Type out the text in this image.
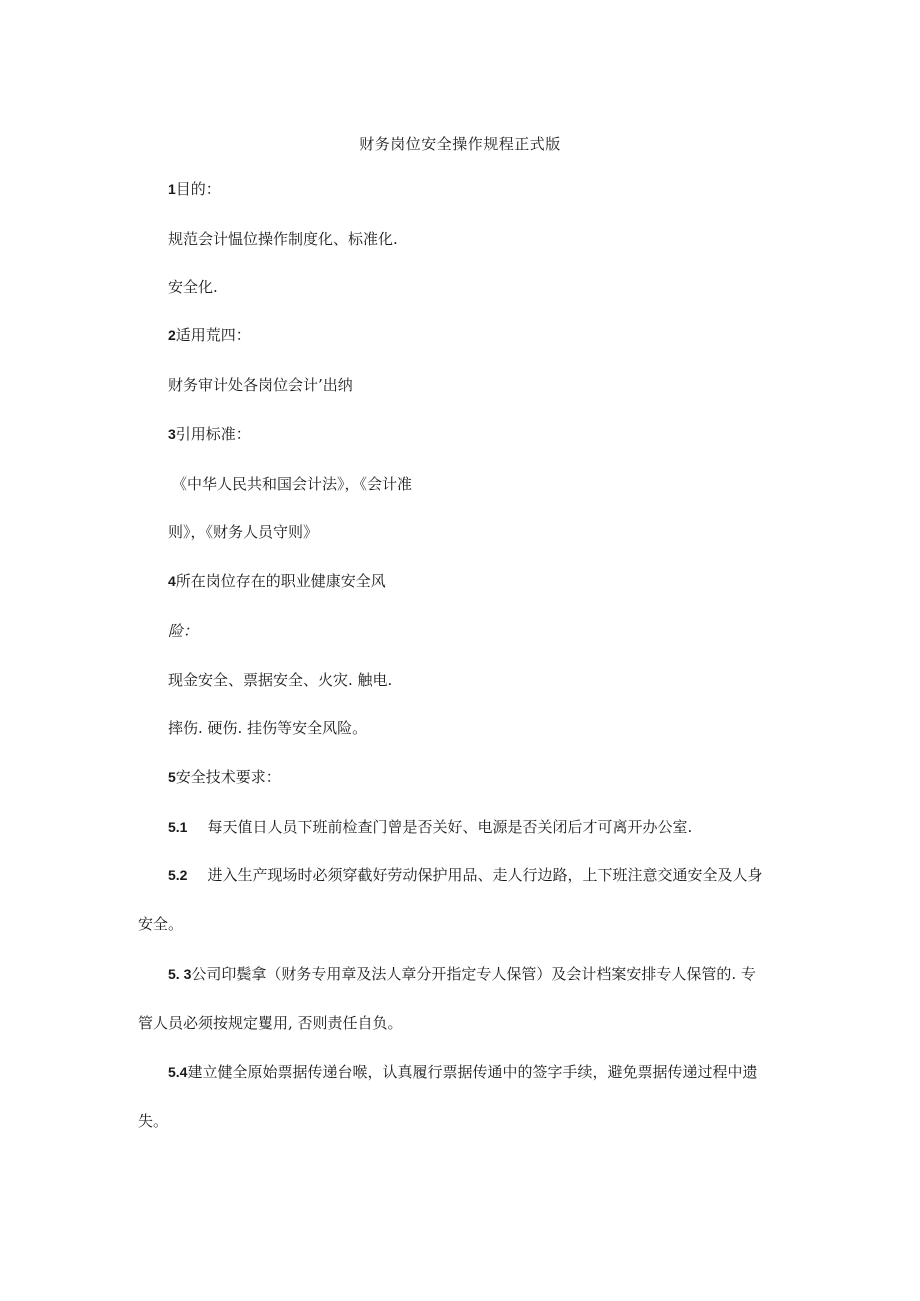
财务岗位安全操作规程正式版
1目的：
规范会计愠位操作制度化、标准化.
安全化.
2适用荒四：
财务审计处各岗位会计’出纳
3引用标准：
《中华人民共和国会计法》，《会计准
则》，《财务人员守则》
4所在岗位存在的职业健康安全风
险：
现金安全、票据安全、火灾. 触电.
摔伤. 硬伤. 挂伤等安全风险。
5安全技术要求：
5.1 每天值日人员下班前检查门曾是否关好、电源是否关闭后才可离开办公室.
5.2 进入生产现场时必须穿截好劳动保护用品、走人行边路，上下班注意交通安全及人身
安全。
5. 3公司印鬓拿（财务专用章及法人章分开指定专人保管）及会计档案安排专人保管的. 专
管人员必须按规定矍用, 否则责任自负。
5.4建立健全原始票据传递台喉，认真履行票据传通中的签字手续，避免票据传递过程中遗
失。
